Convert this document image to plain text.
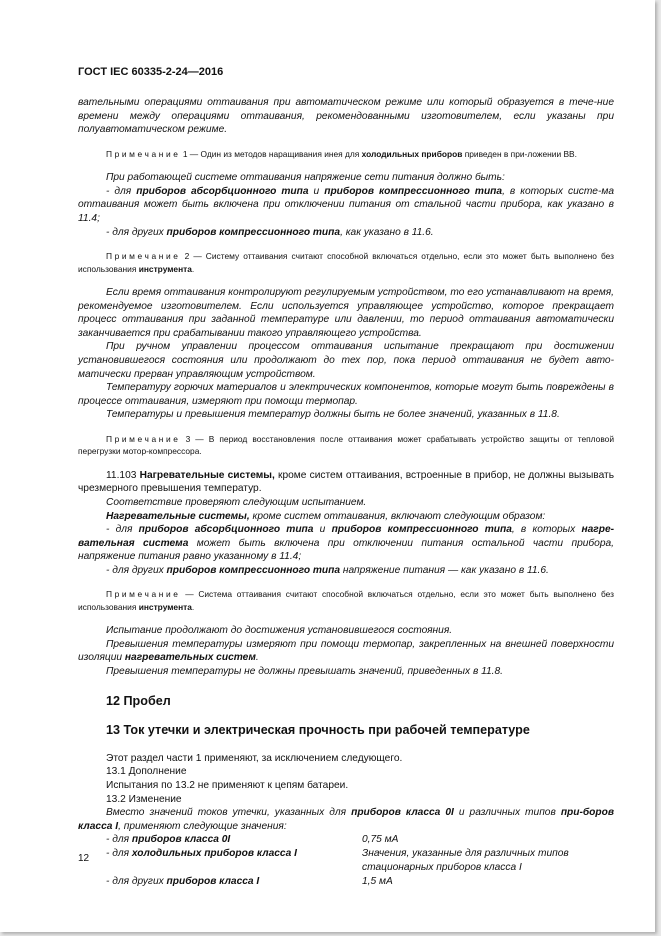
ГОСТ IEC 60335-2-24—2016

вательными операциями оттаивания при автоматическом режиме или который образуется в тече-ние времени между операциями оттаивания, рекомендованными изготовителем, если указаны при полуавтоматическом режиме.

Примечание 1 — Один из методов наращивания инея для холодильных приборов приведен в при-ложении ВВ.

При работающей системе оттаивания напряжение сети питания должно быть:

- для приборов абсорбционного типа и приборов компрессионного типа, в которых систе-ма оттаивания может быть включена при отключении питания от стальной части прибора, как указано в 11.4;

- для других приборов компрессионного типа, как указано в 11.6.

Примечание 2 — Систему оттаивания считают способной включаться отдельно, если это может быть выполнено без использования инструмента.

Если время оттаивания контролируют регулируемым устройством, то его устанавливают на время, рекомендуемое изготовителем. Если используется управляющее устройство, которое прекращает процесс оттаивания при заданной температуре или давлении, то период оттаивания автоматически заканчивается при срабатывании такого управляющего устройства.

При ручном управлении процессом оттаивания испытание прекращают при достижении установившегося состояния или продолжают до тех пор, пока период оттаивания не будет авто-матически прерван управляющим устройством.

Температуру горючих материалов и электрических компонентов, которые могут быть повреждены в процессе оттаивания, измеряют при помощи термопар.

Температуры и превышения температур должны быть не более значений, указанных в 11.8.

Примечание 3 — В период восстановления после оттаивания может срабатывать устройство защиты от тепловой перегрузки мотор-компрессора.

11.103 Нагревательные системы, кроме систем оттаивания, встроенные в прибор, не должны вызывать чрезмерного превышения температур.

Соответствие проверяют следующим испытанием.

Нагревательные системы, кроме систем оттаивания, включают следующим образом:

- для приборов абсорбционного типа и приборов компрессионного типа, в которых нагре-вательная система может быть включена при отключении питания остальной части прибора, напряжение питания равно указанному в 11.4;

- для других приборов компрессионного типа напряжение питания — как указано в 11.6.

Примечание — Система оттаивания считают способной включаться отдельно, если это может быть выполнено без использования инструмента.

Испытание продолжают до достижения установившегося состояния.

Превышения температуры измеряют при помощи термопар, закрепленных на внешней поверхности изоляции нагревательных систем.

Превышения температуры не должны превышать значений, приведенных в 11.8.

12 Пробел
13 Ток утечки и электрическая прочность при рабочей температуре

Этот раздел части 1 применяют, за исключением следующего.

13.1 Дополнение

Испытания по 13.2 не применяют к цепям батареи.

13.2 Изменение

Вместо значений токов утечки, указанных для приборов класса 0I и различных типов при-боров класса I, применяют следующие значения:

- для приборов класса 0I	0,75 мА
- для холодильных приборов класса I	Значения, указанные для различных типов
стационарных приборов класса I
- для других приборов класса I	1,5 мА
12
